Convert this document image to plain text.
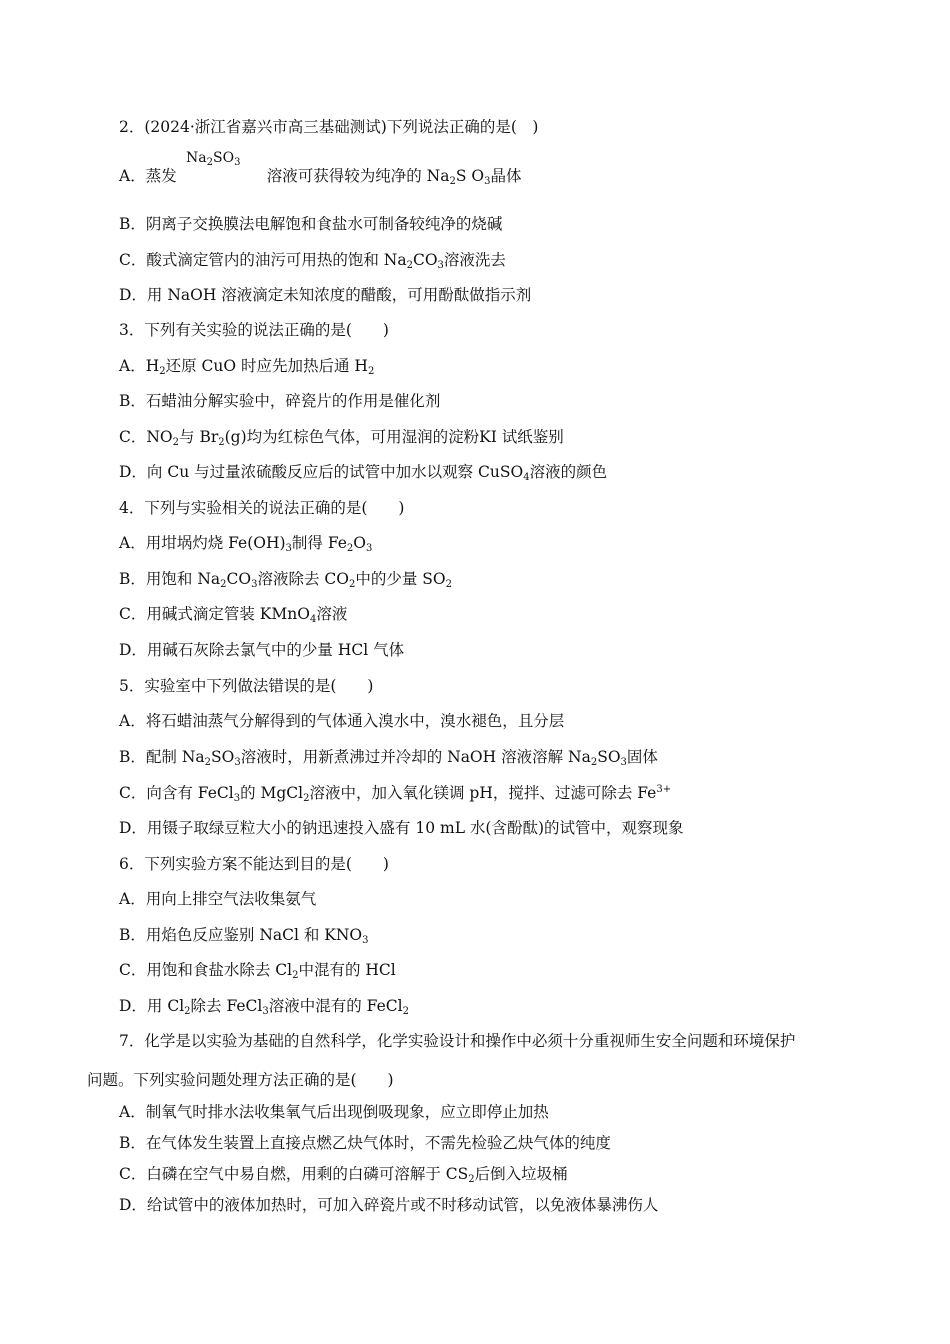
2．(2024·浙江省嘉兴市高三基础测试)下列说法正确的是(　)
$Na_2SO_3$
A．蒸发	溶液可获得较为纯净的 $Na_2S$ $O_3$晶体
B．阴离子交换膜法电解饱和食盐水可制备较纯净的烧碱
C．酸式滴定管内的油污可用热的饱和 $Na_2CO_3$溶液洗去
D．用 NaOH 溶液滴定未知浓度的醋酸，可用酚酞做指示剂
3．下列有关实验的说法正确的是(　　)
A．$H_2$还原 CuO 时应先加热后通 $H_2$
B．石蜡油分解实验中，碎瓷片的作用是催化剂
C．$NO_2$与 $Br_2(g)$均为红棕色气体，可用湿润的淀粉KI 试纸鉴别
D．向 Cu 与过量浓硫酸反应后的试管中加水以观察 CuSO$_4$溶液的颜色
4．下列与实验相关的说法正确的是(　　)
A．用坩埚灼烧 $Fe(OH)_3$制得 $Fe_2O_3$
B．用饱和 $Na_2CO_3$溶液除去 $CO_2$中的少量 $SO_2$
C．用碱式滴定管装 KMnO$_4$溶液
D．用碱石灰除去氯气中的少量 HCl 气体
5．实验室中下列做法错误的是(　　)
A．将石蜡油蒸气分解得到的气体通入溴水中，溴水褪色，且分层
B．配制 $Na_2SO_3$溶液时，用新煮沸过并冷却的 NaOH 溶液溶解 $Na_2SO_3$固体
C．向含有 FeCl$_3$的 MgCl$_2$溶液中，加入氧化镁调 pH，搅拌、过滤可除去 $Fe^{3+}$
D．用镊子取绿豆粒大小的钠迅速投入盛有 10 mL 水(含酚酞)的试管中，观察现象
6．下列实验方案不能达到目的是(　　)
A．用向上排空气法收集氨气
B．用焰色反应鉴别 NaCl 和 $KNO_3$
C．用饱和食盐水除去 $Cl_2$中混有的 HCl
D．用 $Cl_2$除去 FeCl$_3$溶液中混有的 FeCl$_2$
7．化学是以实验为基础的自然科学，化学实验设计和操作中必须十分重视师生安全问题和环境保护
问题。下列实验问题处理方法正确的是(　　)
A．制氧气时排水法收集氧气后出现倒吸现象，应立即停止加热
B．在气体发生装置上直接点燃乙炔气体时，不需先检验乙炔气体的纯度
C．白磷在空气中易自燃，用剩的白磷可溶解于 $CS_2$后倒入垃圾桶
D．给试管中的液体加热时，可加入碎瓷片或不时移动试管，以免液体暴沸伤人
